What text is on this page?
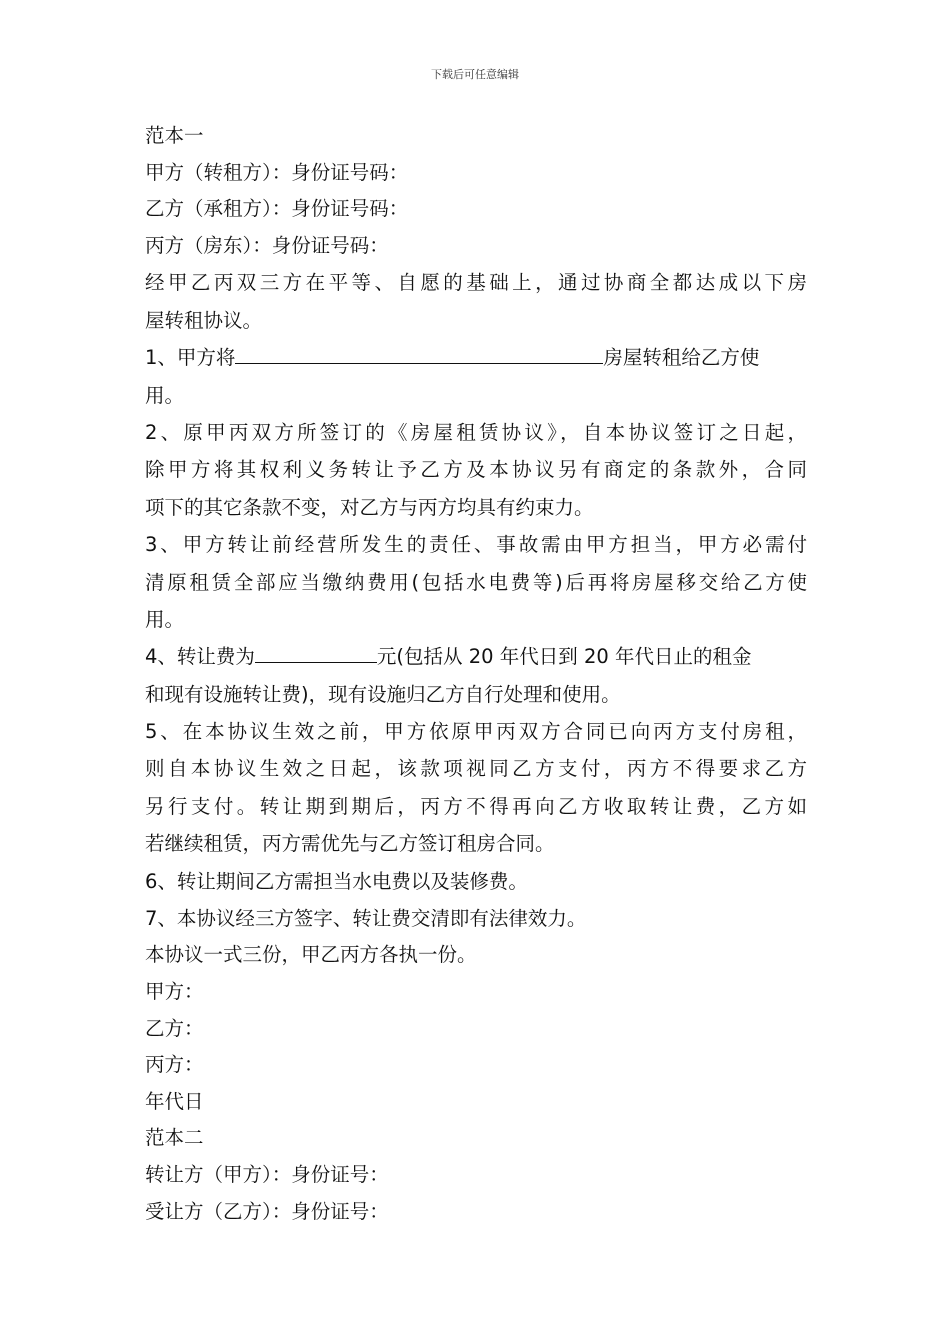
下载后可任意编辑
范本一
甲方（转租方）：身份证号码：
乙方（承租方）：身份证号码：
丙方（房东）：身份证号码：
经甲乙丙双三方在平等、自愿的基础上，通过协商全都达成以下房
屋转租协议。
1、甲方将	房屋转租给乙方使
用。
2、原甲丙双方所签订的《房屋租赁协议》，自本协议签订之日起，
除甲方将其权利义务转让予乙方及本协议另有商定的条款外，合同
项下的其它条款不变，对乙方与丙方均具有约束力。
3、甲方转让前经营所发生的责任、事故需由甲方担当，甲方必需付
清原租赁全部应当缴纳费用(包括水电费等)后再将房屋移交给乙方使
用。
4、转让费为	元(包括从 20 年代日到 20 年代日止的租金
和现有设施转让费)，现有设施归乙方自行处理和使用。
5、在本协议生效之前，甲方依原甲丙双方合同已向丙方支付房租，
则自本协议生效之日起，该款项视同乙方支付，丙方不得要求乙方
另行支付。转让期到期后，丙方不得再向乙方收取转让费，乙方如
若继续租赁，丙方需优先与乙方签订租房合同。
6、转让期间乙方需担当水电费以及装修费。
7、本协议经三方签字、转让费交清即有法律效力。
本协议一式三份，甲乙丙方各执一份。
甲方：
乙方：
丙方：
年代日
范本二
转让方（甲方）：身份证号：
受让方（乙方）：身份证号：
